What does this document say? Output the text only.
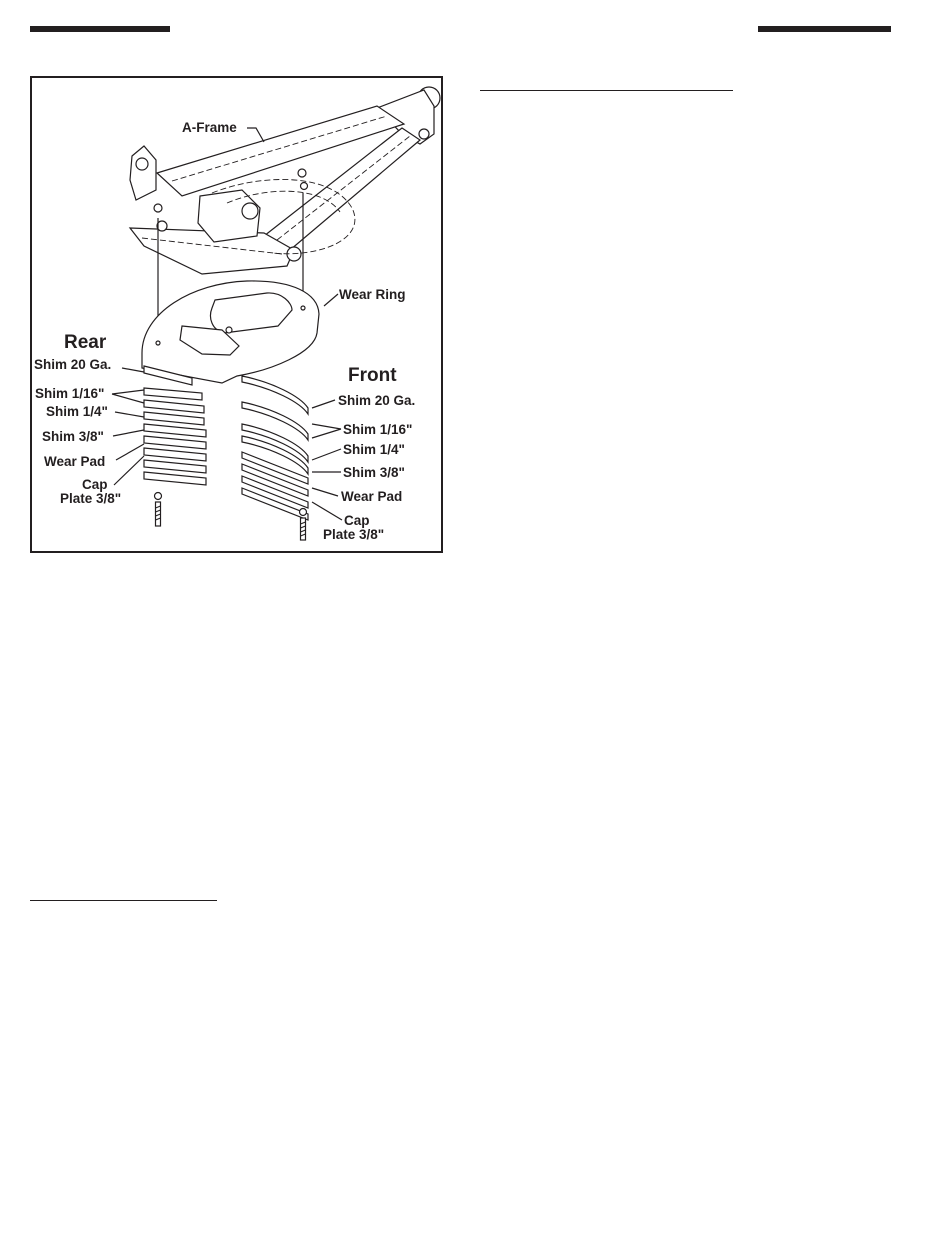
A-Frame
Wear Ring
Rear
Shim 20 Ga.
Shim 1/16"
Shim 1/4"
Shim 3/8"
Wear Pad
Cap
Plate 3/8"
Front
Shim 20 Ga.
Shim 1/16"
Shim 1/4"
Shim 3/8"
Wear Pad
Cap
Plate 3/8"
